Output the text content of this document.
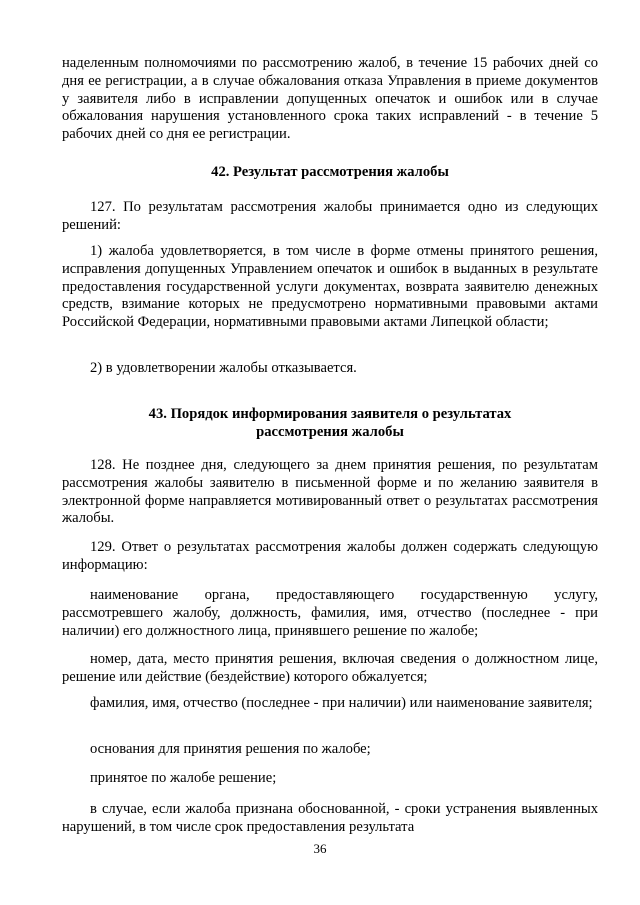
наделенным полномочиями по рассмотрению жалоб, в течение 15 рабочих дней со дня ее регистрации, а в случае обжалования отказа Управления в приеме документов у заявителя либо в исправлении допущенных опечаток и ошибок или в случае обжалования нарушения установленного срока таких исправлений - в течение 5 рабочих дней со дня ее регистрации.

42. Результат рассмотрения жалобы

127. По результатам рассмотрения жалобы принимается одно из следующих решений:

1) жалоба удовлетворяется, в том числе в форме отмены принятого решения, исправления допущенных Управлением опечаток и ошибок в выданных в результате предоставления государственной услуги документах, возврата заявителю денежных средств, взимание которых не предусмотрено нормативными правовыми актами Российской Федерации, нормативными правовыми актами Липецкой области;

2) в удовлетворении жалобы отказывается.

43. Порядок информирования заявителя о результатах
рассмотрения жалобы

128. Не позднее дня, следующего за днем принятия решения, по результатам рассмотрения жалобы заявителю в письменной форме и по желанию заявителя в электронной форме направляется мотивированный ответ о результатах рассмотрения жалобы.

129. Ответ о результатах рассмотрения жалобы должен содержать следующую информацию:

наименование органа, предоставляющего государственную услугу, рассмотревшего жалобу, должность, фамилия, имя, отчество (последнее - при наличии) его должностного лица, принявшего решение по жалобе;

номер, дата, место принятия решения, включая сведения о должностном лице, решение или действие (бездействие) которого обжалуется;

фамилия, имя, отчество (последнее - при наличии) или наименование заявителя;

основания для принятия решения по жалобе;

принятое по жалобе решение;

в случае, если жалоба признана обоснованной, - сроки устранения выявленных нарушений, в том числе срок предоставления результата

36
